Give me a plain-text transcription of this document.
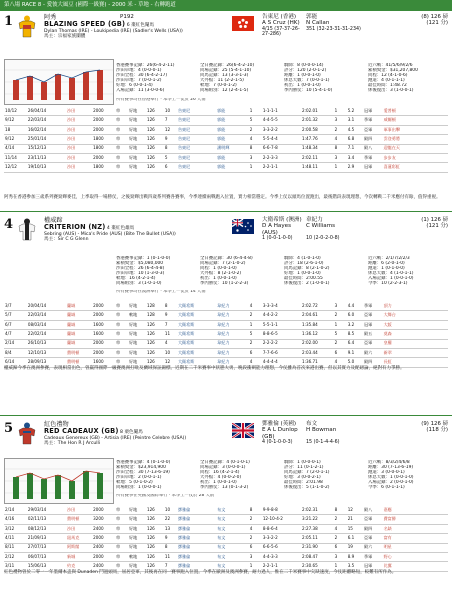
第八場 RACE 8 - 愛彼大風豆 (國際一級賽) - 2000 米 - 草地 - 右轉跑道
1	阿秀
BLAZING SPEED (GB) 6 棗紅色閹馬
Dylan Thomas (IRE) - Loukipedia (IRE) (Sadler's Wells (USA))
馬主：宗福家族團體
P192	告東尼 (香港)	郭能	(8) 126 磅
A S Cruz (HK)	N Callan	(121 分)
4/15 (37-37-26-27-286)
351 (32-23-31-31-234)
香港賽事記錄：26(6-4-2-11)	全日賽記錄：26(6-4-2-10)	騎師：8 (0-0-0-14)	近六戰：41/5/6/9/2/6
沙田草地：4 (0-0-0-1)	同場記錄：25 (5-4-1-10)	評分：120 (2-0-1-2)	累積獎金：$31,207,800
沙田全程：30 (6-4-2-17)	同馬記錄：13 (3-3-1-3)	距離：1 (0-0-1-0)	同程：12 (4-1-0-6)
沙田草地：7 (0-0-1-2)	大外檔：11 (2-2-1-5)	休息天數：7 (0-0-1-1)	跑道：4 (0-1-1-1)
好地：6 (0-0-1-4)	軟地：7 (0-0-1-2)	初出：1 (0-0-1-0)	最佳時間：1:48.72
入場記錄：11 (3-0-0-6)	同場組別：12 (2-4-1-5)	季內勝仗：10 (5-4-1-0)	休後復出：3 (1-0-0-1)
所有賽事均在香港舉行 · 本季上一仗於 26 天前
10/12	26/04/14	沙田	2000	草	好地	126	10	告東尼	郭能	1	1-1-1-1	2:02.01	1	5.2	冠軍	愛普頓
9/12	22/03/14	沙田	2000	草	好地	126	7	告東尼	郭能	5	4-4-5-5	2:01.32	3	3.1	季軍	威爾頓
18	16/02/14	沙田	2000	草	好地	126	12	告東尼	郭能	2	3-3-2-2	2:00.58	2	4.5	亞軍	軍事出擊
9/12	25/01/14	沙田	1800	草	好地	126	9	告東尼	郭能	4	5-5-4-4	1:47.76	4	6.8	殿四	雲登勇將
4/14	15/12/13	沙田	1800	草	好地	126	8	告東尼	潘明輝	8	6-6-7-8	1:48.34	8	7.1	殿八	迎龍在天
11/14	23/11/13	沙田	2000	草	好地	126	5	告東尼	郭能	3	2-2-3-3	2:02.11	3	3.4	季軍	步步友
12/12	19/10/13	沙田	1800	草	好地	126	6	告東尼	郭能	1	2-2-1-1	1:48.11	1	2.9	冠軍	喜蓮彩虹
阿秀在香港參加三歲系列賽勁輝麥佳，上季取得一場勝仗，之後勁輝出戰四歲系列賽各賽事，今季連續兩戰跑入位置，實力相當穩定。今季上仗以頭馬位置跑出，最後階段表現理想，今次轉戰二千米應付有餘，值得重視。
4	權威蹄
CRITERION (NZ) 4 棗紅色雄馬
Sebring (AUS) - Mica's Pride (AUS) (Bite The Bullet (USA))
馬主：Sir C G Glenn
大衛希斯 (澳洲) 韋紀力	(1) 126 磅
D A Hayes (AUS)
C Williams	(121 分)
1 (0-0-1-0-0)	10 (2-0-2-0-8)
香港賽事記錄：1 (0-1-0-0)	全日賽記錄：30 (6-4-4-8)	騎師：4 (1-0-1-0)	近六戰：2/1/7/2/2/3
累積獎金：$5,080,000	同場記錄：7 (2-1-0-2)	評分：18 (2-6-1-0)	距離：6 (2-0-1-0)
沙田全程：26 (6-4-4-8)	同程：1 (0-0-1-0)	同馬記錄：8 (2-1-0-2)	跑道：1 (0-1-0-0)
沙田草地：10 (1-3-0-3)	大外檔：8 (2-1-0-2)	好地：1 (0-0-1-0)	休息天數：4 (1-0-1-1)
軟地：16 (4-2-1-4)	初出：1 (0-0-1-0)	最佳時間：2:00.55	入場記錄：1 (0-0-1-0)
同場組別：3 (1-0-1-0)	季內勝仗：10 (1-2-2-3)	休後復出：2 (1-0-0-1)	今季：10 (2-2-3-1)
所有賽事均在澳洲舉行 · 本季上一仗於 14 天前
3/7	20/04/14	蘭域	2000	草	好地	128	8	大衛希斯	韋紀力	4	3-3-3-4	2:02.72	3	4.4	季軍	頂力
5/7	22/03/14	蘭域	2000	草	軟地	128	9	大衛希斯	韋紀力	2	4-4-2-2	2:04.61	2	6.0	亞軍	大舞台
6/7	08/03/14	蘭域	1600	草	好地	126	7	大衛希斯	韋紀力	1	5-5-1-1	1:35.84	1	3.2	冠軍	大阪
4/7	22/02/14	蘭域	1600	草	好地	126	11	大衛希斯	韋紀力	5	8-8-6-5	1:36.12	5	8.5	殿五	莫森
2/14	26/10/13	蘭域	2000	草	好地	126	4	大衛希斯	韋紀力	2	2-2-2-2	2:02.00	2	6.4	亞軍	皇權
8/4	12/10/13	費明頓	2000	草	好地	126	10	大衛希斯	韋紀力	6	7-7-6-6	2:03.44	6	9.1	殿六	新翠
6/14	28/09/13	費明頓	1600	草	好地	126	12	大衛希斯	韋紀力	4	4-4-4-4	1:36.71	4	5.0	殿四	長虹
權威蹄今季在澳洲參賽，表現相當出色，曾贏得國際一級賽澳洲打吡及蘭域保証錦標。近期在二千米賽事中狀態大勇，晚段衝刺能力理想，今仗雖為首次來港出賽，但以其實力及配磅論，絕對有力爭勝。
5	紅色禮物
RED CADEAUX (GB) 8 栗色閹馬
Cadeaux Genereux (GB) - Artisia (IRE) (Peintre Celebre (USA))
馬主：The Hon R J Arculli
鄧雅倫 (英國)	布文	(9) 126 磅
E A L Dunlop (GB)
H Bowman	(118 分)
4 (0-1-0-0-3)	15 (0-1-4-4-6)
香港賽事記錄：4 (0-1-0-0)	全日賽記錄：4 (0-1-0-1)	騎師：1 (0-0-0-1)	近六戰：8/3/2/4/6/8
累積獎金：$23,914,900	同場記錄：3 (0-0-0-1)	評分：11 (0-1-2-1)	距離：30 (7-13-6-19)
沙田全程：30 (7-13-6-19)	同程：16 (4-2-1-4)	同馬記錄：7 (2-0-1-1)	跑道：3 (0-0-0-1)
沙田草地：2 (0-0-1-1)	大外檔：4 (0-0-2-0)	好地：3 (0-0-2-1)	休息天數：1 (0-0-1-0)
軟地：5 (0-1-0-2)	初出：1 (0-0-1-0)	最佳時間：2:01.98	入場記錄：2 (0-0-1-0)
同場組別：1 (0-0-0-1)	季內勝仗：13 (0-1-3-2)	休後復出：5 (1-1-0-2)	今季：6 (0-1-1-1)
所有賽事在英國及國際舉行 · 本季上一仗於 28 天前
2/14	29/03/14	沙田	2000	草	好地	126	10	鄧雅倫	布文	8	9-9-8-8	2:02.31	8	12	殿八	嘉應
4/16	02/11/13	費明頓	3200	草	好地	126	22	鄧雅倫	布文	2	12-10-4-2	3:21.22	2	21	亞軍	費富勝
3/12	08/12/13	沙田	2400	草	好地	126	13	鄧雅倫	布文	4	8-8-6-4	2:27.38	4	15	殿四	名錶
4/11	21/09/13	紐馬克	2000	草	好地	126	9	鄧雅倫	布文	2	3-3-2-2	2:05.11	2	6.1	亞軍	富有
8/11	27/07/13	阿斯閣	2400	草	好地	126	8	鄧雅倫	布文	6	6-6-5-6	2:31.90	6	19	殿六	明星
2/12	06/07/13	新城	2000	草	軟地	126	11	鄧雅倫	布文	3	4-4-3-3	2:08.47	3	8.9	季軍	野心
3/11	15/06/13	約克	2400	草	好地	126	7	鄧雅倫	布文	1	2-2-1-1	2:30.65	1	3.5	冠軍	比翼
紅色禮物曾於二零一一年墨爾本盃與 Dunaden 鬥過頭馬，屈居亞軍，其後再在同一賽事跑入位置。今季在歐洲及澳洲參賽，耐力過人，惟在二千米賽事中欠缺速度，今仗距離略短，較難有所作為。
